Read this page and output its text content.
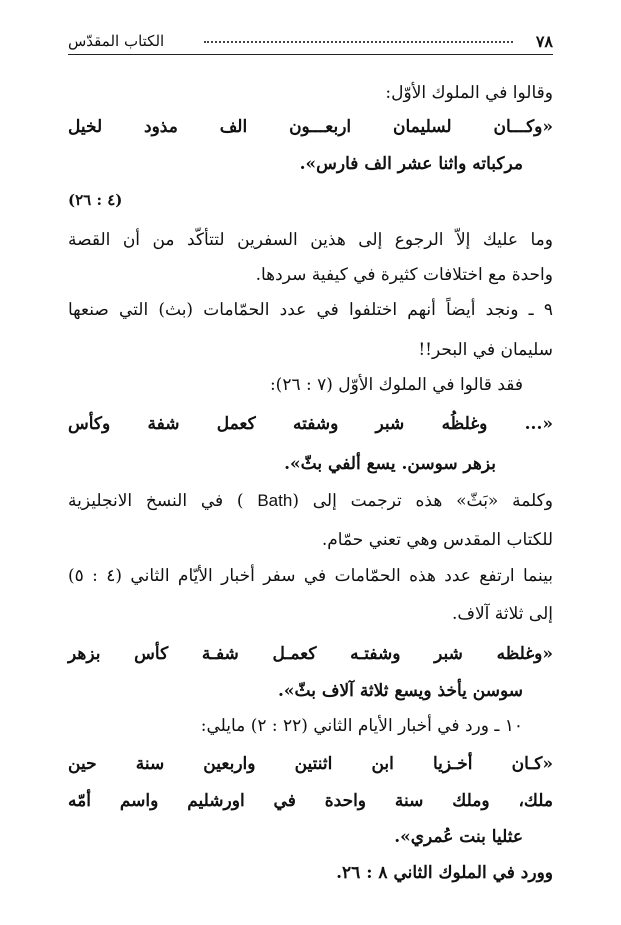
٧٨
الكتاب المقدّس
وقالوا في الملوك الأوّل:
«وكـــان لسليمان اربعـــون الف مذود لخيل
مركباته واثنا عشر الف فارس».
(٤ : ٢٦)
وما عليك إلاّ الرجوع إلى هذين السفرين لتتأكّد من أن القصة
واحدة مع اختلافات كثيرة في كيفية سردها.
٩ ـ ونجد أيضاً أنهم اختلفوا في عدد الحمّامات (بث) التي صنعها
سليمان في البحر!!
فقد قالوا في الملوك الأوّل (٧ : ٢٦):
«... وغلظُه شبر وشفته كعمل شفة وكأس
بزهر سوسن. يسع ألفي بثّ».
وكلمة «بَثّ» هذه ترجمت إلى (Bath ) في النسخ الانجليزية
للكتاب المقدس وهي تعني حمّام.
بينما ارتفع عدد هذه الحمّامات في سفر أخبار الأيّام الثاني (٤ : ٥)
إلى ثلاثة آلاف.
«وغلظه شبر وشفتـه كعمـل شفـة كأس بزهر
سوسن يأخذ ويسع ثلاثة آلاف بثّ».
١٠ ـ ورد في أخبار الأيام الثاني (٢٢ : ٢) مايلي:
«كـان أخـزيا ابن اثنتين واربعين سنة حين
ملك، وملك سنة واحدة في اورشليم واسم أمّه
عثليا بنت عُمري».
وورد في الملوك الثاني ٨ : ٢٦.
